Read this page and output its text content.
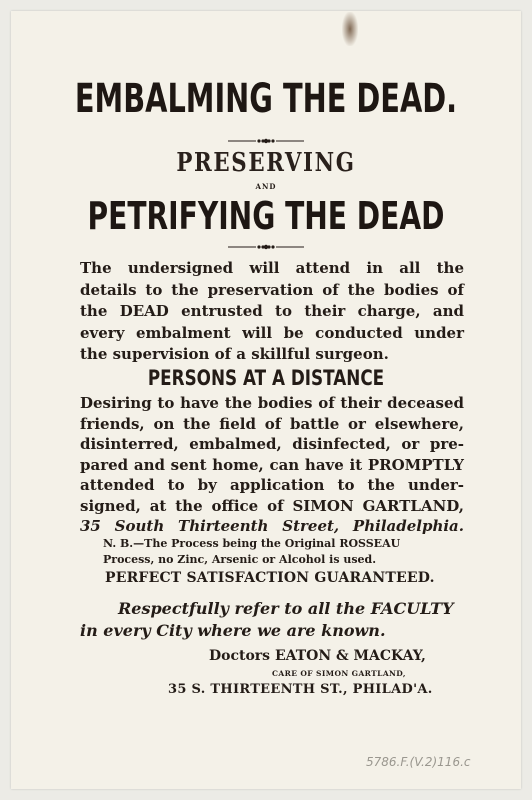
EMBALMING THE DEAD.
PRESERVING
AND
PETRIFYING THE DEAD
The undersigned will attend in all the
details to the preservation of the bodies of
the DEAD entrusted to their charge, and
every embalment will be conducted under
the supervision of a skillful surgeon.
PERSONS AT A DISTANCE
Desiring to have the bodies of their deceased
friends, on the field of battle or elsewhere,
disinterred, embalmed, disinfected, or pre-
pared and sent home, can have it PROMPTLY
attended to by application to the under-
signed, at the office of SIMON GARTLAND,
35 South Thirteenth Street, Philadelphia.
N. B.—The Process being the Original ROSSEAU
Process, no Zinc, Arsenic or Alcohol is used.
PERFECT SATISFACTION GUARANTEED.
Respectfully refer to all the FACULTY
in every City where we are known.
Doctors EATON & MACKAY,
CARE OF SIMON GARTLAND,
35 S. THIRTEENTH ST., PHILAD'A.
5786.F.(V.2)116.c
